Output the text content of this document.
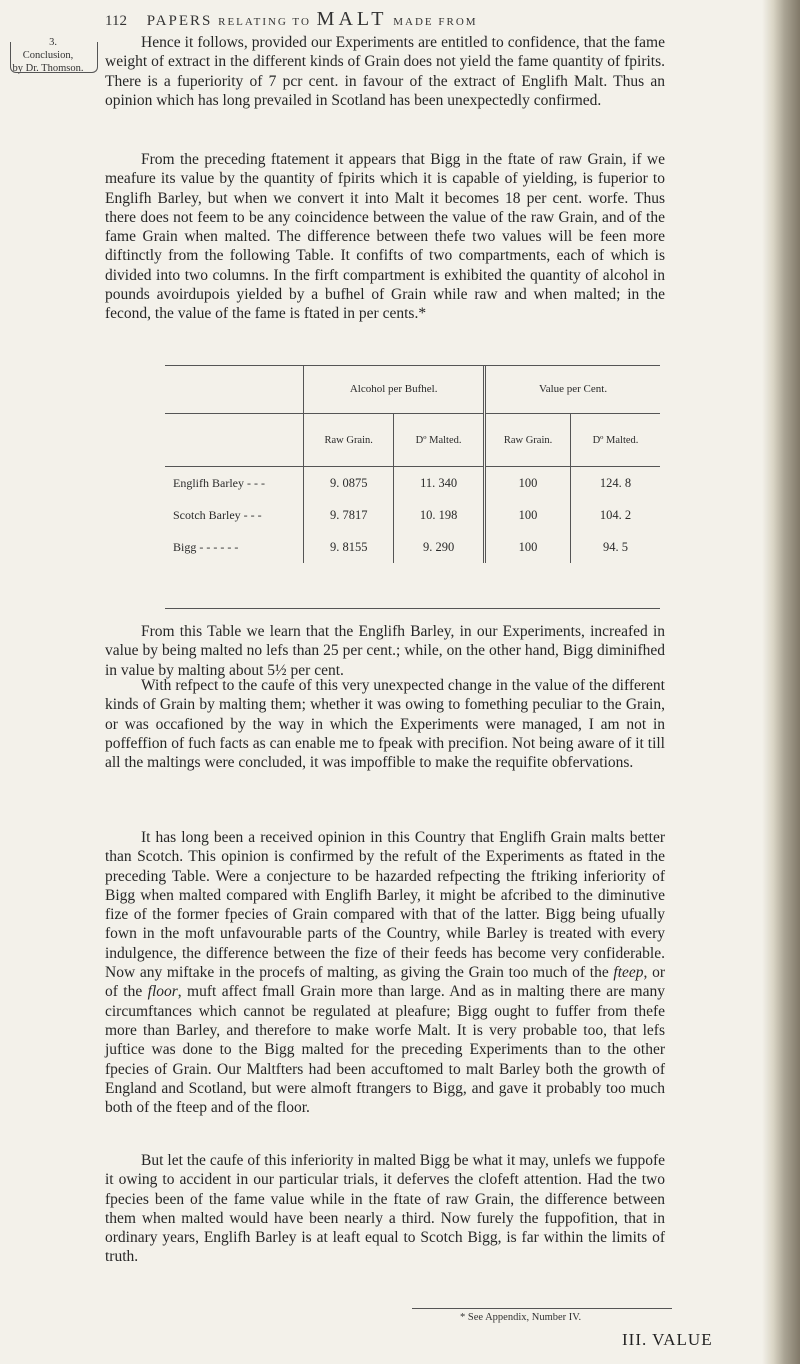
112 PAPERS RELATING TO MALT MADE FROM
3.
Conclusion,
by Dr. Thomson.

Hence it follows, provided our Experiments are entitled to confidence, that the fame weight of extract in the different kinds of Grain does not yield the fame quantity of fpirits. There is a fuperiority of 7 pcr cent. in favour of the extract of Englifh Malt. Thus an opinion which has long prevailed in Scotland has been unexpectedly confirmed.

From the preceding ftatement it appears that Bigg in the ftate of raw Grain, if we meafure its value by the quantity of fpirits which it is capable of yielding, is fuperior to Englifh Barley, but when we convert it into Malt it becomes 18 per cent. worfe. Thus there does not feem to be any coincidence between the value of the raw Grain, and of the fame Grain when malted. The difference between thefe two values will be feen more diftinctly from the following Table. It confifts of two compartments, each of which is divided into two columns. In the firft compartment is exhibited the quantity of alcohol in pounds avoirdupois yielded by a bufhel of Grain while raw and when malted; in the fecond, the value of the fame is ftated in per cents.*

	Alcohol per Bufhel.		Value per Cent.	
	Raw Grain.	Dº Malted.	Raw Grain.	Dº Malted.
Englifh Barley - - -	9. 0875	11. 340	100	124. 8
Scotch Barley - - -	9. 7817	10. 198	100	104. 2
Bigg - - - - - -	9. 8155	9. 290	100	94. 5

From this Table we learn that the Englifh Barley, in our Experiments, increafed in value by being malted no lefs than 25 per cent.; while, on the other hand, Bigg diminifhed in value by malting about 5½ per cent.

With refpect to the caufe of this very unexpected change in the value of the different kinds of Grain by malting them; whether it was owing to fomething peculiar to the Grain, or was occafioned by the way in which the Experiments were managed, I am not in poffeffion of fuch facts as can enable me to fpeak with precifion. Not being aware of it till all the maltings were concluded, it was impoffible to make the requifite obfervations.

It has long been a received opinion in this Country that Englifh Grain malts better than Scotch. This opinion is confirmed by the refult of the Experiments as ftated in the preceding Table. Were a conjecture to be hazarded refpecting the ftriking inferiority of Bigg when malted compared with Englifh Barley, it might be afcribed to the diminutive fize of the former fpecies of Grain compared with that of the latter. Bigg being ufually fown in the moft unfavourable parts of the Country, while Barley is treated with every indulgence, the difference between the fize of their feeds has become very confiderable. Now any miftake in the procefs of malting, as giving the Grain too much of the fteep, or of the floor, muft affect fmall Grain more than large. And as in malting there are many circumftances which cannot be regulated at pleafure; Bigg ought to fuffer from thefe more than Barley, and therefore to make worfe Malt. It is very probable too, that lefs juftice was done to the Bigg malted for the preceding Experiments than to the other fpecies of Grain. Our Maltfters had been accuftomed to malt Barley both the growth of England and Scotland, but were almoft ftrangers to Bigg, and gave it probably too much both of the fteep and of the floor.

But let the caufe of this inferiority in malted Bigg be what it may, unlefs we fuppofe it owing to accident in our particular trials, it deferves the clofeft attention. Had the two fpecies been of the fame value while in the ftate of raw Grain, the difference between them when malted would have been nearly a third. Now furely the fuppofition, that in ordinary years, Englifh Barley is at leaft equal to Scotch Bigg, is far within the limits of truth.

* See Appendix, Number IV.
III. VALUE
